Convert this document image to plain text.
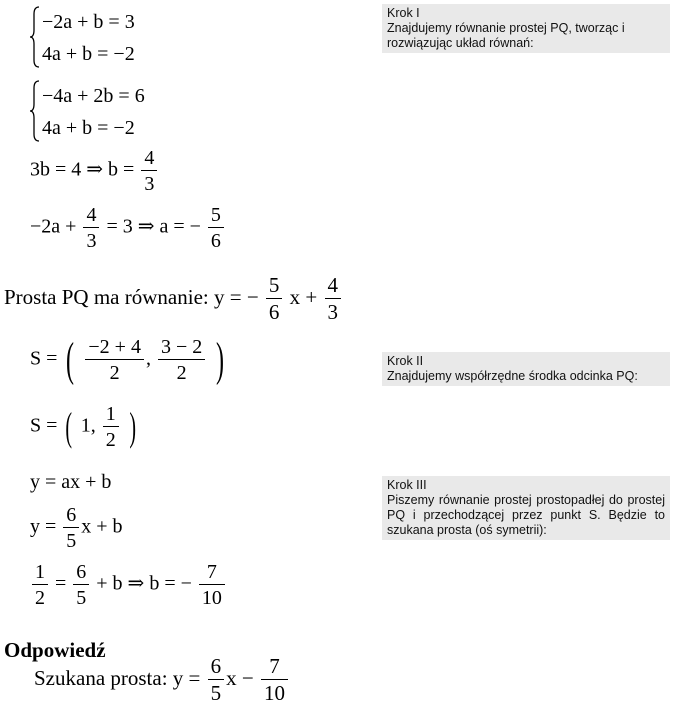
−2a + b = 3
4a + b = −2
−4a + 2b = 6
4a + b = −2
3b = 4 ⇒ $b = \frac{4}{3}$
$-2a + \frac{4}{3} = 3$ ⇒ a = − $\frac{5}{6}$
Prosta PQ ma równanie: y = − $\frac{5}{6}$ $x + \frac{4}{3}$
S = ( $\frac{-2 + 4}{2}$ , $\frac{3 - 2}{2}$ )
S = ( 1, $\frac{1}{2}$ )
y = ax + b
$y = \frac{6}{5}$ x + b
$\frac{1}{2} = \frac{6}{5} + b$ ⇒ b = − $\frac{7}{10}$
Odpowiedź
Szukana prosta: $y = \frac{6}{5}$ $x - \frac{7}{10}$
Krok I
Znajdujemy równanie prostej PQ, tworząc i rozwiązując układ równań:
Krok II
Znajdujemy współrzędne środka odcinka PQ:
Krok III
Piszemy równanie prostej prostopadłej do prostej PQ i przechodzącej przez punkt S. Będzie to szukana prosta (oś symetrii):
